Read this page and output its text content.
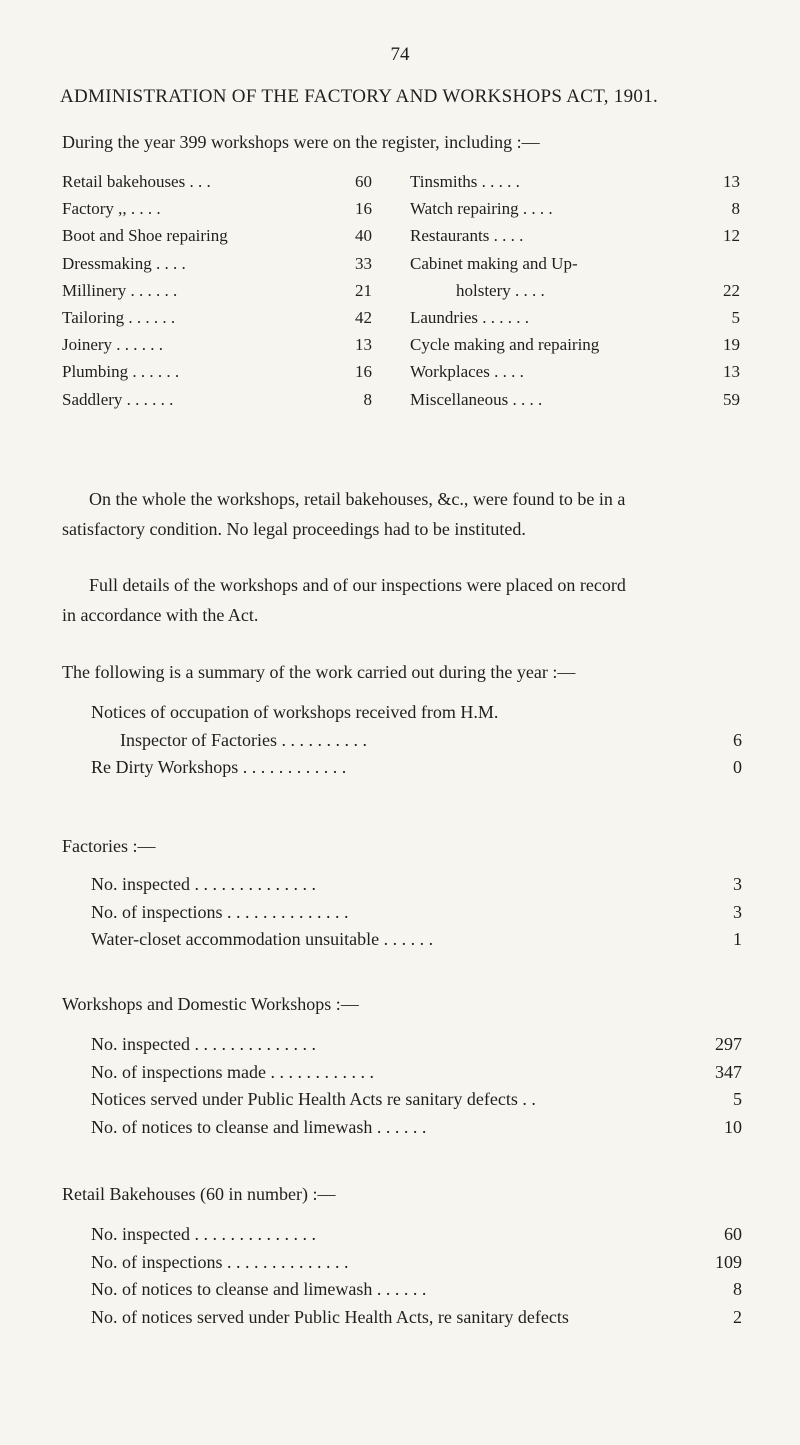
74
ADMINISTRATION OF THE FACTORY AND WORKSHOPS ACT, 1901.
During the year 399 workshops were on the register, including :—
Retail bakehouses . . .	60
Factory ,, . . . .	16
Boot and Shoe repairing	40
Dressmaking . . . .	33
Millinery . . . . . .	21
Tailoring . . . . . .	42
Joinery . . . . . .	13
Plumbing . . . . . .	16
Saddlery . . . . . .	8
Tinsmiths . . . . .	13
Watch repairing . . . .	8
Restaurants . . . .	12
Cabinet making and Up-
holstery . . . .	22
Laundries . . . . . .	5
Cycle making and repairing	19
Workplaces . . . .	13
Miscellaneous . . . .	59

On the whole the workshops, retail bakehouses, &c., were found to be in a

satisfactory condition. No legal proceedings had to be instituted.

Full details of the workshops and of our inspections were placed on record

in accordance with the Act.

The following is a summary of the work carried out during the year :—
Notices of occupation of workshops received from H.M.
Inspector of Factories . . . . . . . . . .	6
Re Dirty Workshops . . . . . . . . . . . .	0
Factories :—
No. inspected . . . . . . . . . . . . . .	3
No. of inspections . . . . . . . . . . . . . .	3
Water-closet accommodation unsuitable . . . . . .	1
Workshops and Domestic Workshops :—
No. inspected . . . . . . . . . . . . . .	297
No. of inspections made . . . . . . . . . . . .	347
Notices served under Public Health Acts re sanitary defects . .	5
No. of notices to cleanse and limewash . . . . . .	10
Retail Bakehouses (60 in number) :—
No. inspected . . . . . . . . . . . . . .	60
No. of inspections . . . . . . . . . . . . . .	109
No. of notices to cleanse and limewash . . . . . .	8
No. of notices served under Public Health Acts, re sanitary defects	2
